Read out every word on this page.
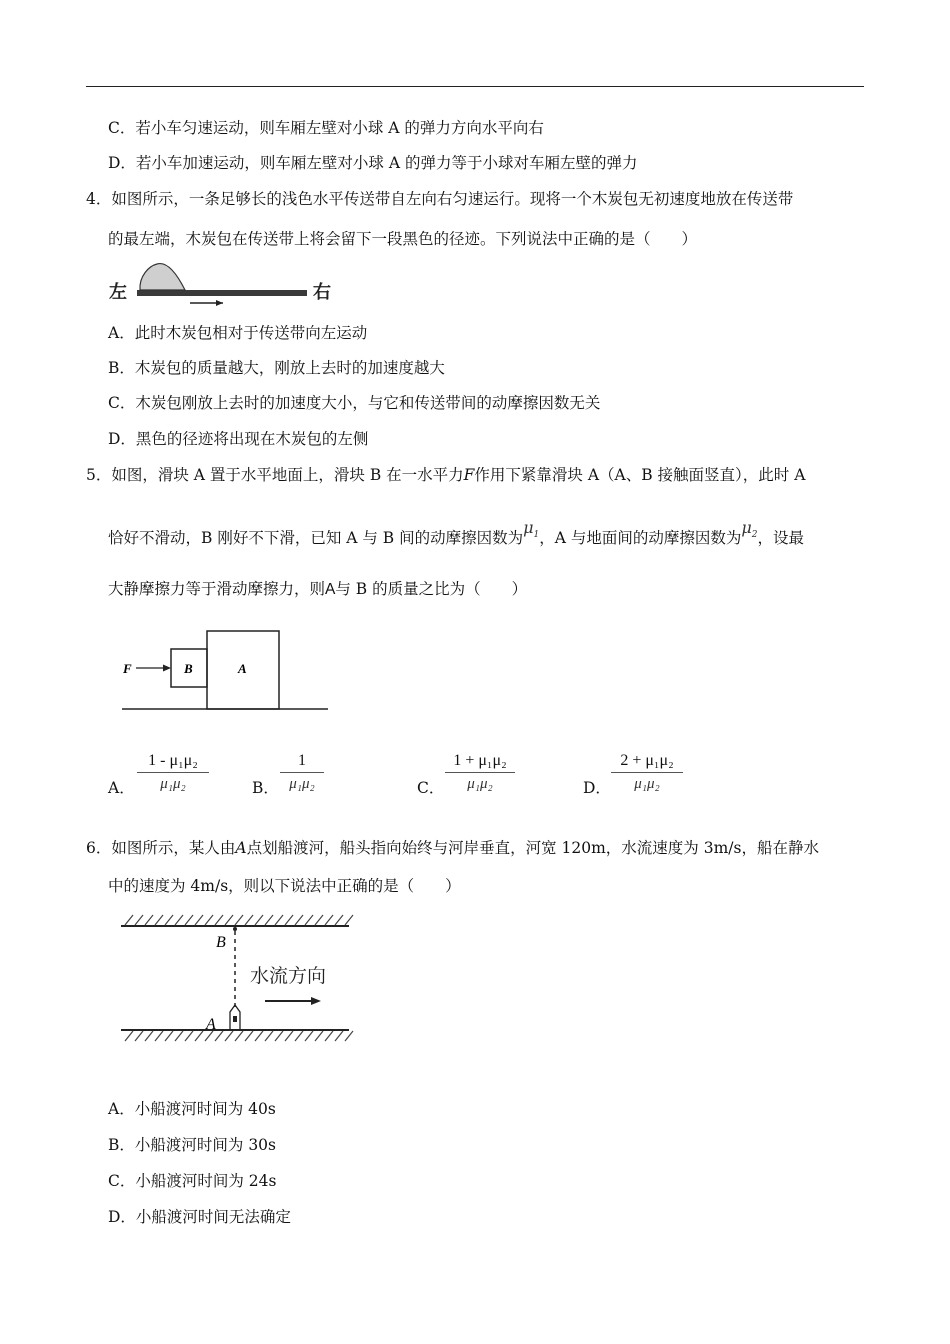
C．若小车匀速运动，则车厢左壁对小球 A 的弹力方向水平向右
D．若小车加速运动，则车厢左壁对小球 A 的弹力等于小球对车厢左壁的弹力
4．如图所示，一条足够长的浅色水平传送带自左向右匀速运行。现将一个木炭包无初速度地放在传送带
的最左端，木炭包在传送带上将会留下一段黑色的径迹。下列说法中正确的是（　　）
左	右
A．此时木炭包相对于传送带向左运动
B．木炭包的质量越大，刚放上去时的加速度越大
C．木炭包刚放上去时的加速度大小，与它和传送带间的动摩擦因数无关
D．黑色的径迹将出现在木炭包的左侧
5．如图，滑块 A 置于水平地面上，滑块 B 在一水平力F作用下紧靠滑块 A（A、B 接触面竖直），此时 A
恰好不滑动，B 刚好不下滑，已知 A 与 B 间的动摩擦因数为$\mu_1$，A 与地面间的动摩擦因数为$\mu_2$，设最
大静摩擦力等于滑动摩擦力，则A与 B 的质量之比为（　　）
F	B	A
A．
1 - μ₁μ₂
μ₁μ₂	B．
1
μ₁μ₂	C．
1 + μ₁μ₂
μ₁μ₂	D．
2 + μ₁μ₂
μ₁μ₂
6．如图所示，某人由A点划船渡河，船头指向始终与河岸垂直，河宽 120m，水流速度为 3m/s，船在静水
中的速度为 4m/s，则以下说法中正确的是（　　）
B
A
水流方向
A．小船渡河时间为 40s
B．小船渡河时间为 30s
C．小船渡河时间为 24s
D．小船渡河时间无法确定
